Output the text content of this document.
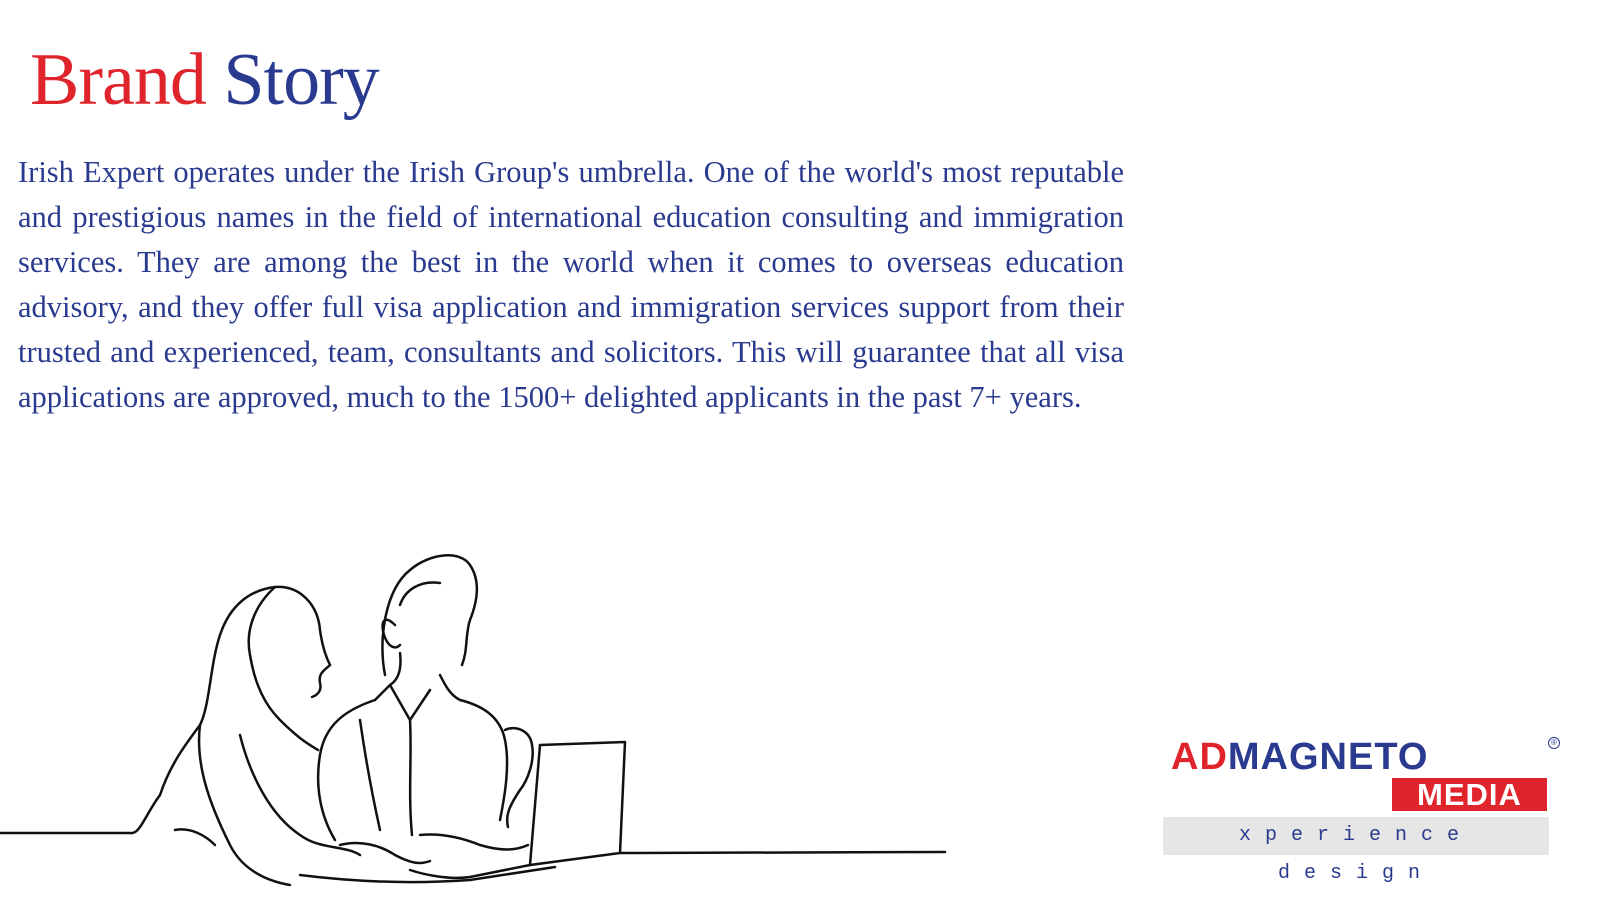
Brand Story

Irish Expert operates under the Irish Group's umbrella. One of the world's most reputable and prestigious names in the field of international education consulting and immigration services. They are among the best in the world when it comes to overseas education advisory, and they offer full visa application and immigration services support from their trusted and experienced, team, consultants and solicitors. This will guarantee that all visa applications are approved, much to the 1500+ delighted applicants in the past 7+ years.

ADMAGNETO	®
MEDIA
xperience design
